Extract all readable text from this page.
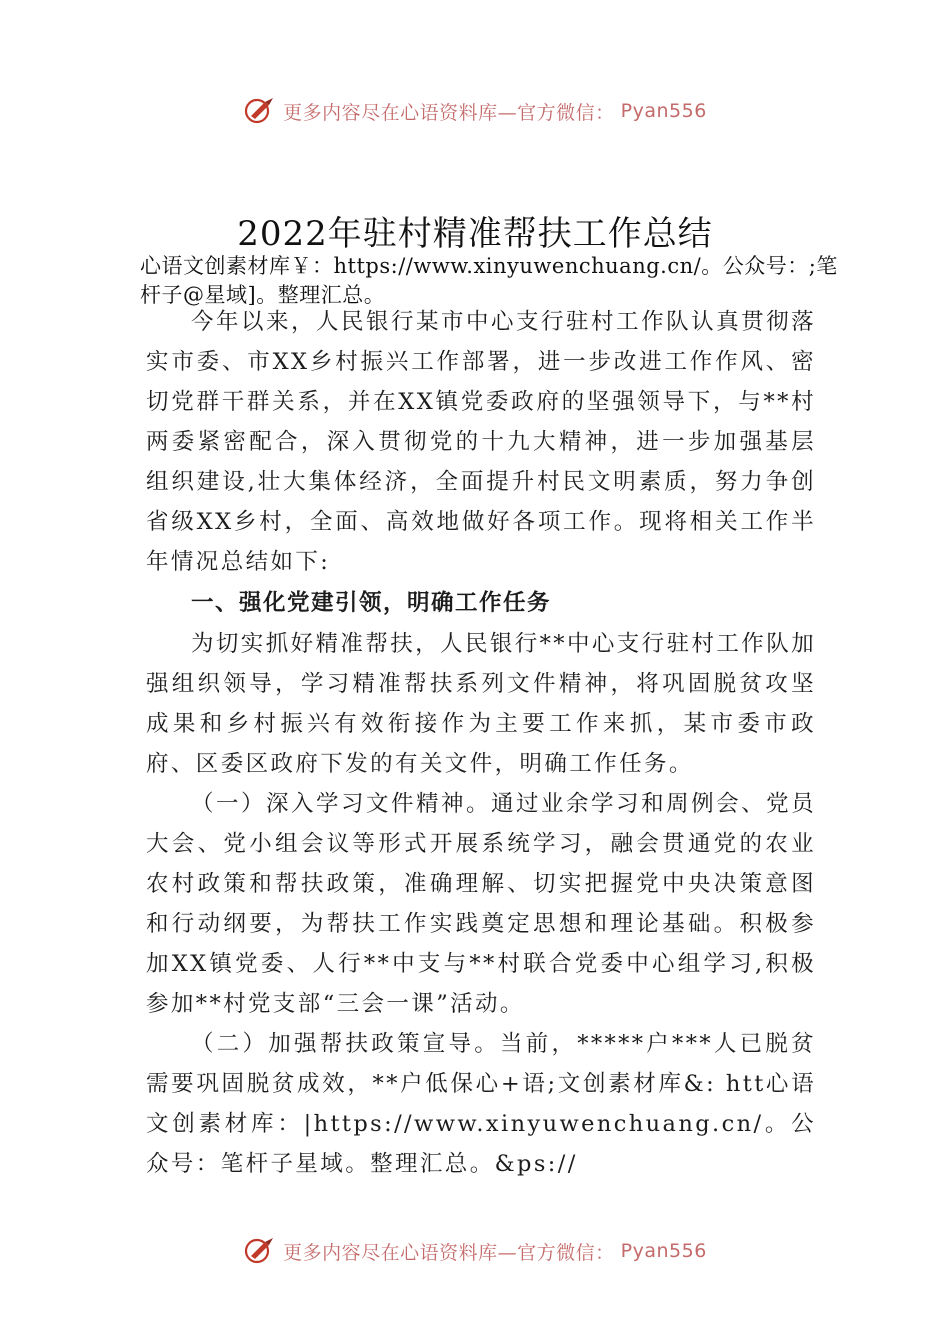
更多内容尽在心语资料库—官方微信： Pyan556
2022年驻村精准帮扶工作总结
心语文创素材库￥：https://www.xinyuwenchuang.cn/。公众号：;笔杆子@星域]。整理汇总。

今年以来，人民银行某市中心支行驻村工作队认真贯彻落实市委、市XX乡村振兴工作部署，进一步改进工作作风、密切党群干群关系，并在XX镇党委政府的坚强领导下，与**村两委紧密配合，深入贯彻党的十九大精神，进一步加强基层组织建设,壮大集体经济，全面提升村民文明素质，努力争创省级XX乡村，全面、高效地做好各项工作。现将相关工作半年情况总结如下:

一、强化党建引领，明确工作任务

为切实抓好精准帮扶，人民银行**中心支行驻村工作队加强组织领导，学习精准帮扶系列文件精神，将巩固脱贫攻坚成果和乡村振兴有效衔接作为主要工作来抓，某市委市政府、区委区政府下发的有关文件，明确工作任务。

（一）深入学习文件精神。通过业余学习和周例会、党员大会、党小组会议等形式开展系统学习，融会贯通党的农业农村政策和帮扶政策，准确理解、切实把握党中央决策意图和行动纲要，为帮扶工作实践奠定思想和理论基础。积极参加XX镇党委、人行**中支与**村联合党委中心组学习,积极参加**村党支部“三会一课”活动。

（二）加强帮扶政策宣导。当前，*****户***人已脱贫需要巩固脱贫成效，**户低保心+语;文创素材库&: htt心语文创素材库：|https://www.xinyuwenchuang.cn/。公众号：笔杆子星域。整理汇总。&ps://

更多内容尽在心语资料库—官方微信： Pyan556
